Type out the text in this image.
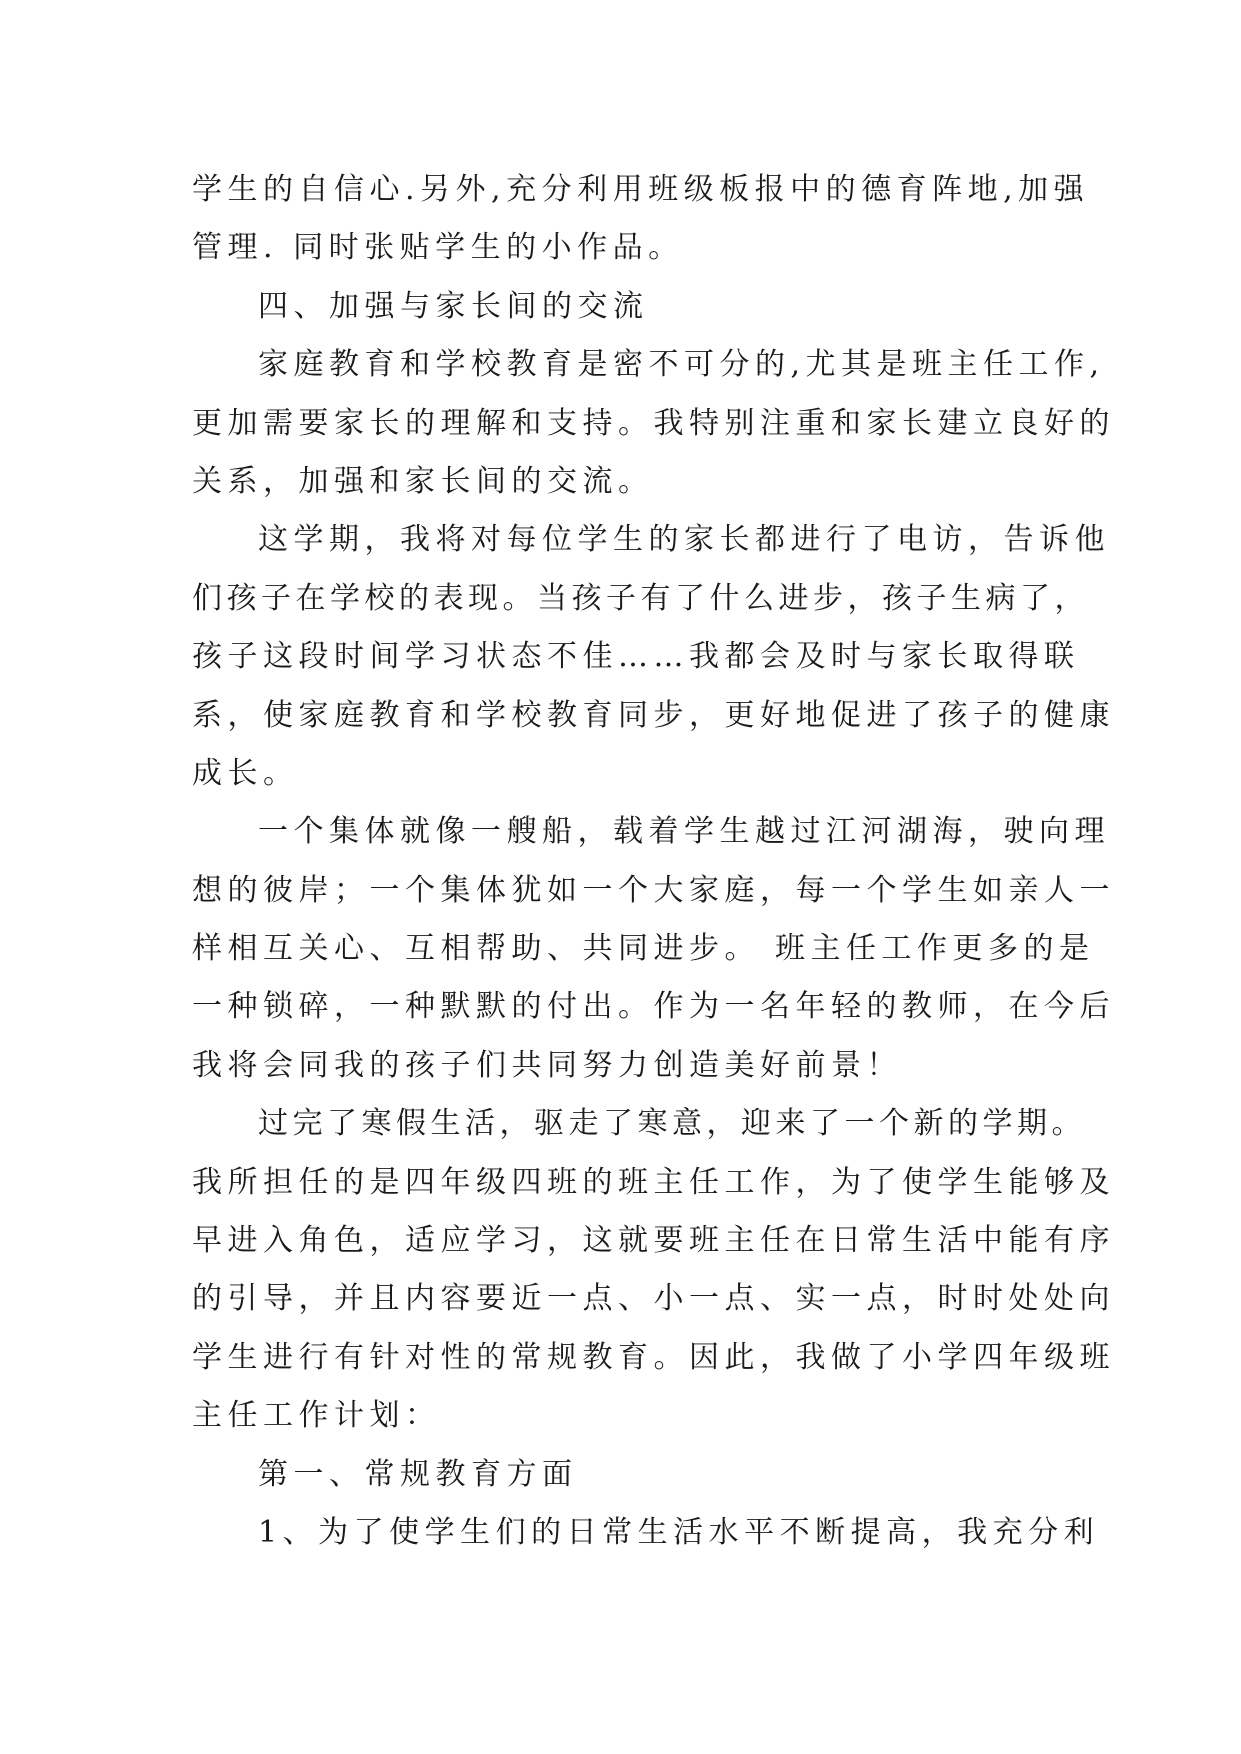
学生的自信心.另外,充分利用班级板报中的德育阵地,加强
管理. 同时张贴学生的小作品。
四、加强与家长间的交流
家庭教育和学校教育是密不可分的,尤其是班主任工作,
更加需要家长的理解和支持。我特别注重和家长建立良好的
关系，加强和家长间的交流。
这学期，我将对每位学生的家长都进行了电访，告诉他
们孩子在学校的表现。当孩子有了什么进步，孩子生病了，
孩子这段时间学习状态不佳……我都会及时与家长取得联
系，使家庭教育和学校教育同步，更好地促进了孩子的健康
成长。
一个集体就像一艘船，载着学生越过江河湖海，驶向理
想的彼岸；一个集体犹如一个大家庭，每一个学生如亲人一
样相互关心、互相帮助、共同进步。 班主任工作更多的是
一种锁碎，一种默默的付出。作为一名年轻的教师，在今后
我将会同我的孩子们共同努力创造美好前景！
过完了寒假生活，驱走了寒意，迎来了一个新的学期。
我所担任的是四年级四班的班主任工作，为了使学生能够及
早进入角色，适应学习，这就要班主任在日常生活中能有序
的引导，并且内容要近一点、小一点、实一点，时时处处向
学生进行有针对性的常规教育。因此，我做了小学四年级班
主任工作计划：
第一、常规教育方面
1、为了使学生们的日常生活水平不断提高，我充分利
